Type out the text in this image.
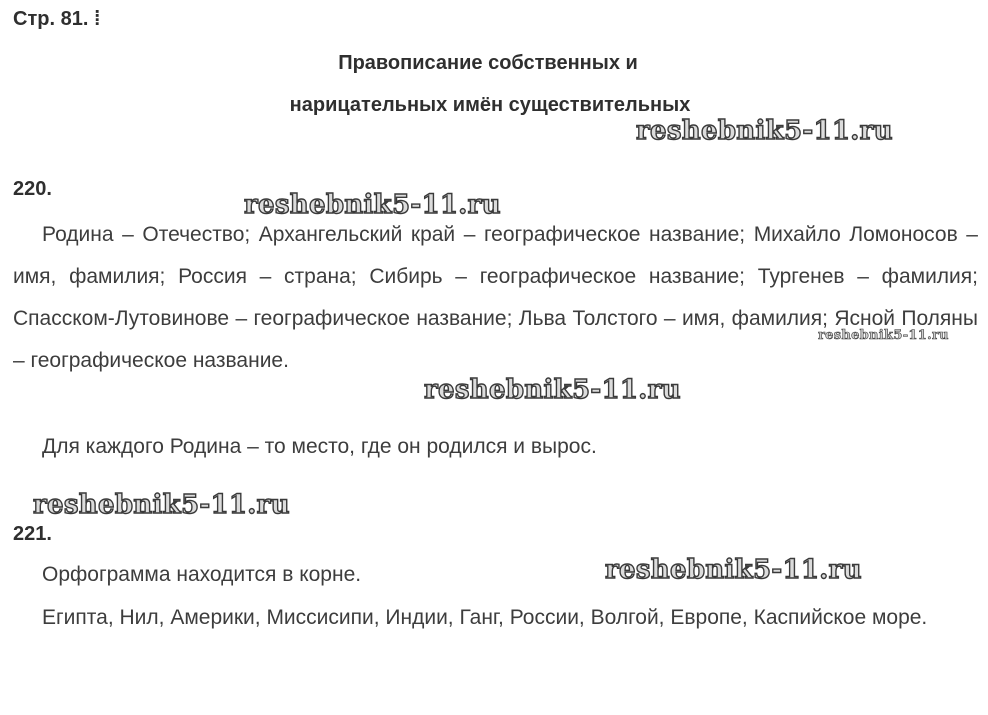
Стр. 81. ⁞
Правописание собственных и
нарицательных имён существительных
220.
Родина – Отечество; Архангельский край – географическое название; Михайло Ломоносов – имя, фамилия; Россия – страна; Сибирь – географическое название; Тургенев – фамилия; Спасском-Лутовинове – географическое название; Льва Толстого – имя, фамилия; Ясной Поляны – географическое название.
Для каждого Родина – то место, где он родился и вырос.
221.
Орфограмма находится в корне.
Египта, Нил, Америки, Миссисипи, Индии, Ганг, России, Волгой, Европе, Каспийское море.
reshebnik5-11.ru
reshebnik5-11.ru
reshebnik5-11.ru
reshebnik5-11.ru
reshebnik5-11.ru
reshebnik5-11.ru
